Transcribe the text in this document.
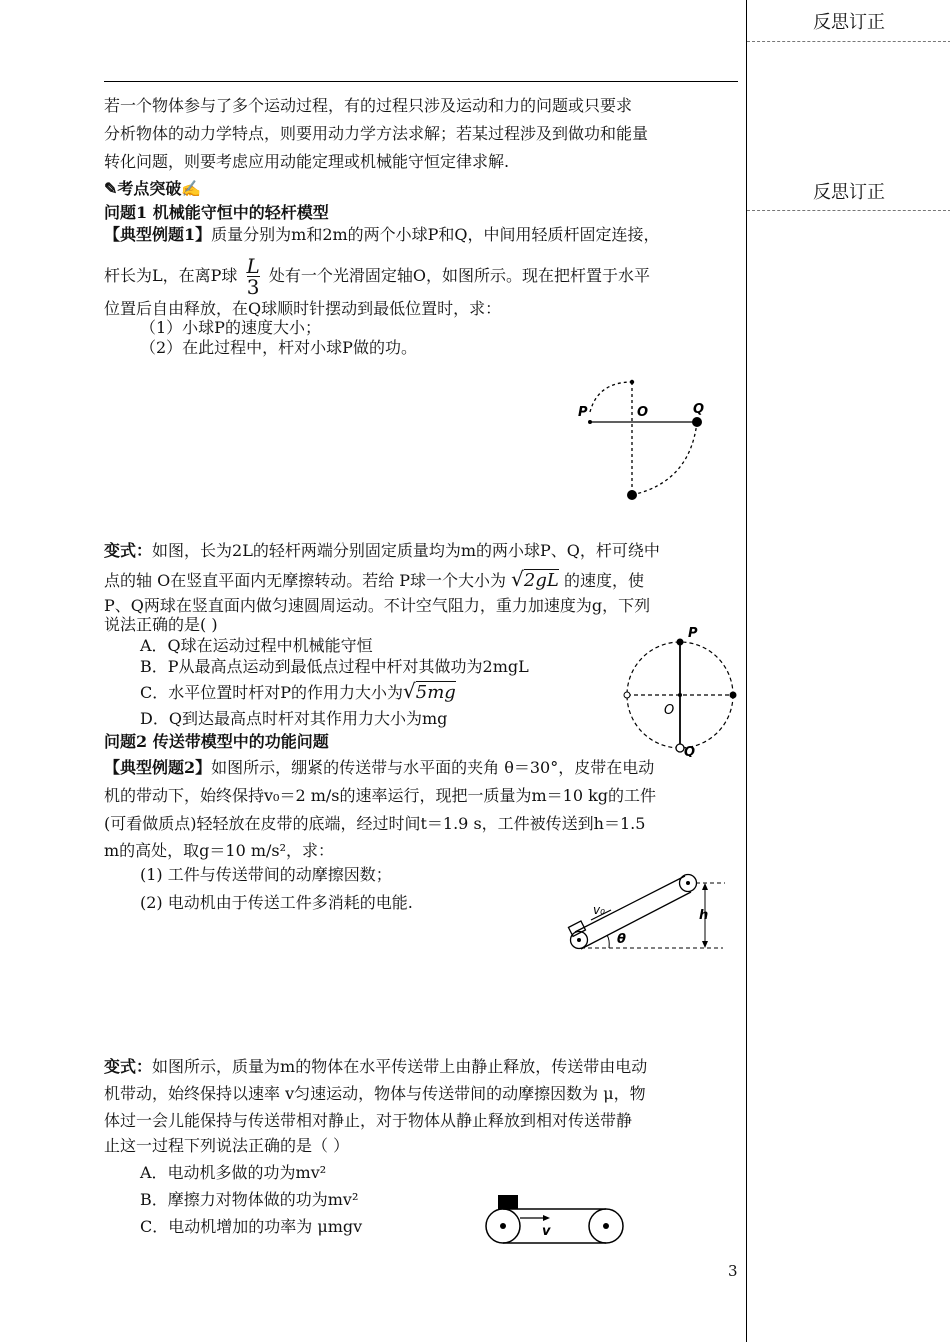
反思订正
反思订正
若一个物体参与了多个运动过程，有的过程只涉及运动和力的问题或只要求
分析物体的动力学特点，则要用动力学方法求解；若某过程涉及到做功和能量
转化问题，则要考虑应用动能定理或机械能守恒定律求解.
✎考点突破✍
问题1 机械能守恒中的轻杆模型
【典型例题1】质量分别为m和2m的两个小球P和Q，中间用轻质杆固定连接，
杆长为L，在离P球 $\frac{L}{3}$ 处有一个光滑固定轴O，如图所示。现在把杆置于水平
位置后自由释放，在Q球顺时针摆动到最低位置时，求：
（1）小球P的速度大小；
（2）在此过程中，杆对小球P做的功。
P	O	Q
变式：如图，长为2L的轻杆两端分别固定质量均为m的两小球P、Q，杆可绕中
点的轴 O在竖直平面内无摩擦转动。若给 P球一个大小为 √2gL 的速度，使
P、Q两球在竖直面内做匀速圆周运动。不计空气阻力，重力加速度为g，下列
说法正确的是( )
A．Q球在运动过程中机械能守恒
B．P从最高点运动到最低点过程中杆对其做功为2mgL
C．水平位置时杆对P的作用力大小为√5mg
D．Q到达最高点时杆对其作用力大小为mg
P
O
Q
问题2 传送带模型中的功能问题
【典型例题2】如图所示，绷紧的传送带与水平面的夹角 θ＝30°，皮带在电动
机的带动下，始终保持v₀＝2 m/s的速率运行，现把一质量为m＝10 kg的工件
(可看做质点)轻轻放在皮带的底端，经过时间t＝1.9 s，工件被传送到h＝1.5
m的高处，取g＝10 m/s²，求：
(1) 工件与传送带间的动摩擦因数；
(2) 电动机由于传送工件多消耗的电能.	v₀	h
θ
变式：如图所示，质量为m的物体在水平传送带上由静止释放，传送带由电动
机带动，始终保持以速率 v匀速运动，物体与传送带间的动摩擦因数为 μ，物
体过一会儿能保持与传送带相对静止，对于物体从静止释放到相对传送带静
止这一过程下列说法正确的是（ ）
A．电动机多做的功为mv²
B．摩擦力对物体做的功为mv²
C．电动机增加的功率为 μmgv	v
3
